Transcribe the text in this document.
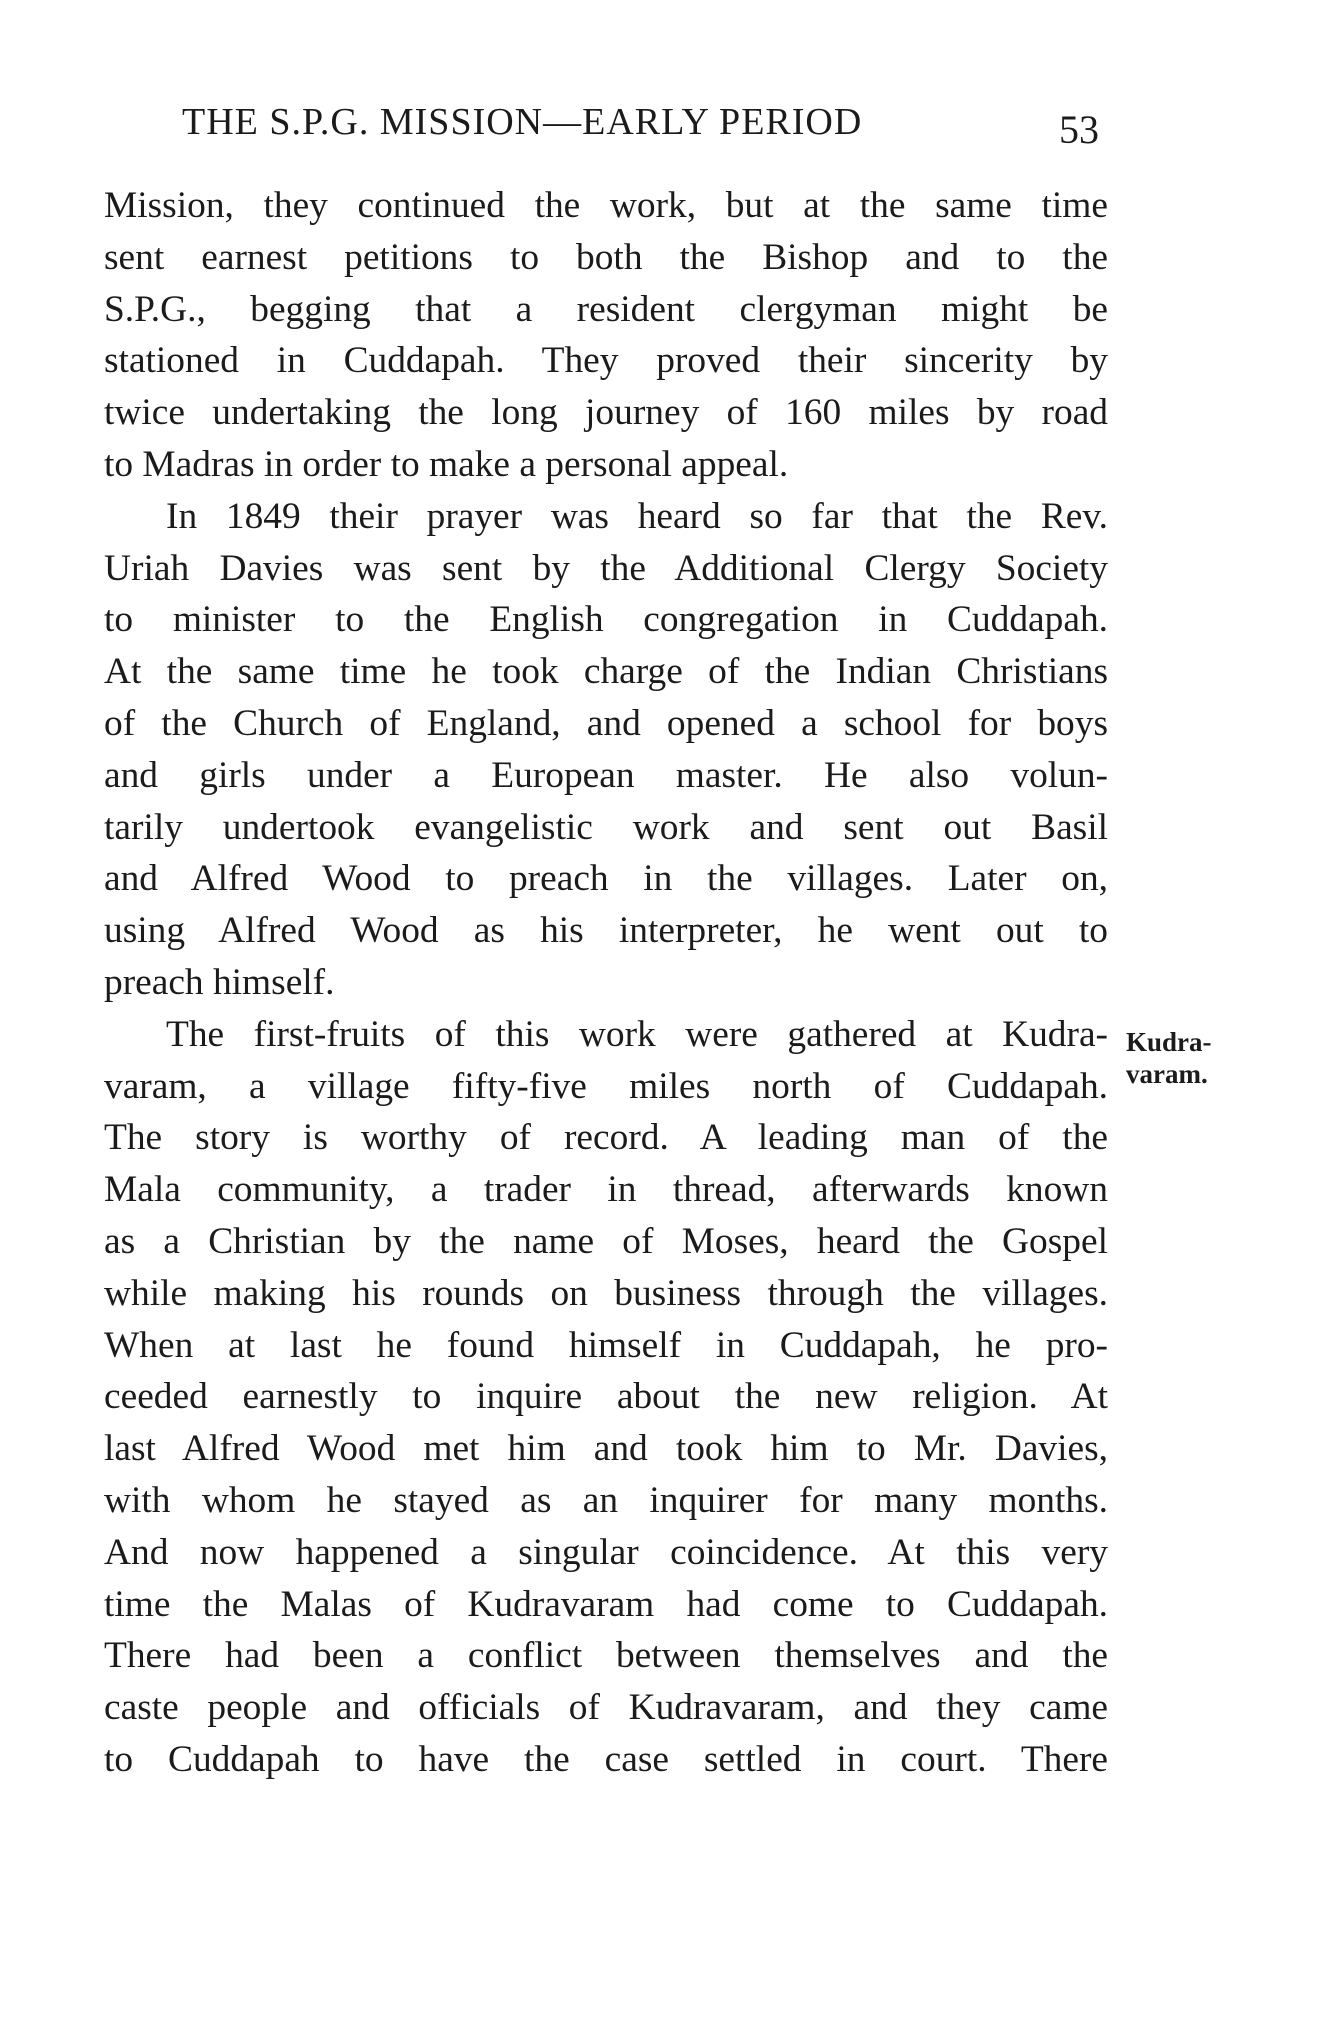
THE S.P.G. MISSION—EARLY PERIOD	53
Mission, they continued the work, but at the same time
sent earnest petitions to both the Bishop and to the
S.P.G., begging that a resident clergyman might be
stationed in Cuddapah. They proved their sincerity by
twice undertaking the long journey of 160 miles by road
to Madras in order to make a personal appeal.
In 1849 their prayer was heard so far that the Rev.
Uriah Davies was sent by the Additional Clergy Society
to minister to the English congregation in Cuddapah.
At the same time he took charge of the Indian Christians
of the Church of England, and opened a school for boys
and girls under a European master. He also volun-
tarily undertook evangelistic work and sent out Basil
and Alfred Wood to preach in the villages. Later on,
using Alfred Wood as his interpreter, he went out to
preach himself.
The first-fruits of this work were gathered at Kudra-
varam, a village fifty-five miles north of Cuddapah.
The story is worthy of record. A leading man of the
Mala community, a trader in thread, afterwards known
as a Christian by the name of Moses, heard the Gospel
while making his rounds on business through the villages.
When at last he found himself in Cuddapah, he pro-
ceeded earnestly to inquire about the new religion. At
last Alfred Wood met him and took him to Mr. Davies,
with whom he stayed as an inquirer for many months.
And now happened a singular coincidence. At this very
time the Malas of Kudravaram had come to Cuddapah.
There had been a conflict between themselves and the
caste people and officials of Kudravaram, and they came
to Cuddapah to have the case settled in court. There
Kudra-
varam.
